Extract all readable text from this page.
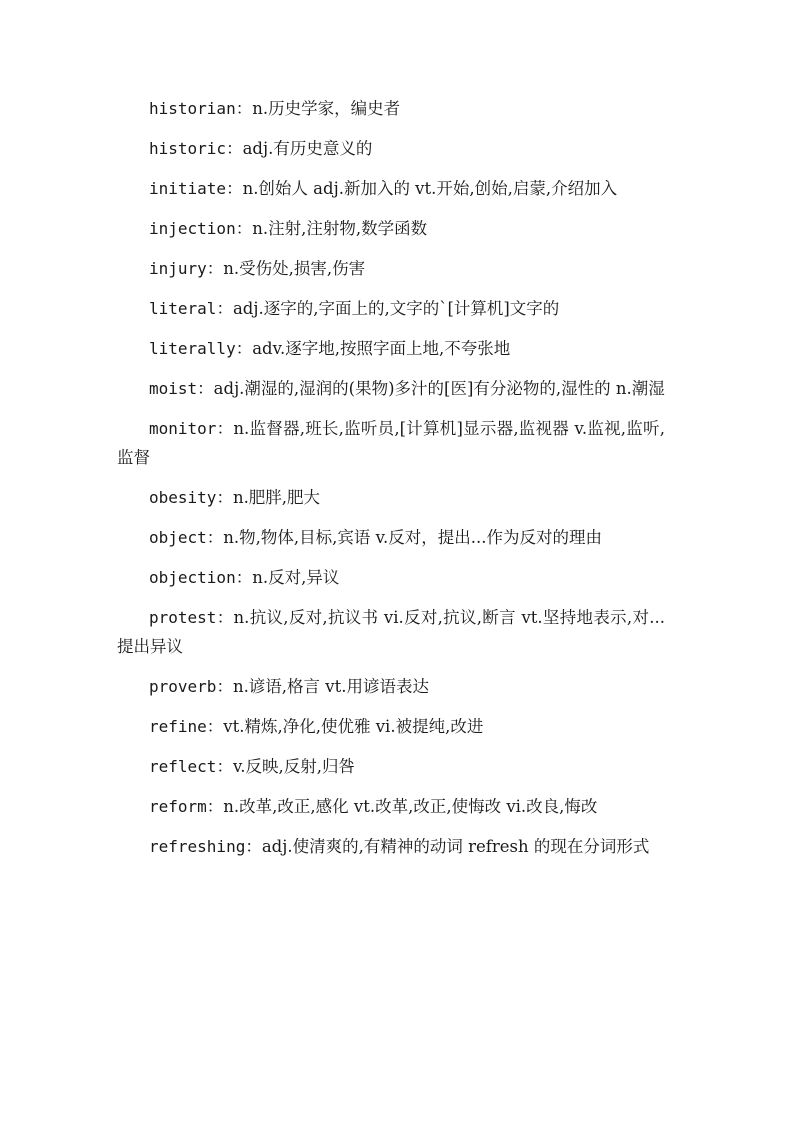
historian：n.历史学家，编史者

historic：adj.有历史意义的

initiate：n.创始人 adj.新加入的 vt.开始,创始,启蒙,介绍加入

injection：n.注射,注射物,数学函数

injury：n.受伤处,损害,伤害

literal：adj.逐字的,字面上的,文字的`[计算机]文字的

literally：adv.逐字地,按照字面上地,不夸张地

moist：adj.潮湿的,湿润的(果物)多汁的[医]有分泌物的,湿性的 n.潮湿

monitor：n.监督器,班长,监听员,[计算机]显示器,监视器 v.监视,监听,监督

obesity：n.肥胖,肥大

object：n.物,物体,目标,宾语 v.反对，提出...作为反对的理由

objection：n.反对,异议

protest：n.抗议,反对,抗议书 vi.反对,抗议,断言 vt.坚持地表示,对...提出异议

proverb：n.谚语,格言 vt.用谚语表达

refine：vt.精炼,净化,使优雅 vi.被提纯,改进

reflect：v.反映,反射,归咎

reform：n.改革,改正,感化 vt.改革,改正,使悔改 vi.改良,悔改

refreshing：adj.使清爽的,有精神的动词 refresh 的现在分词形式
